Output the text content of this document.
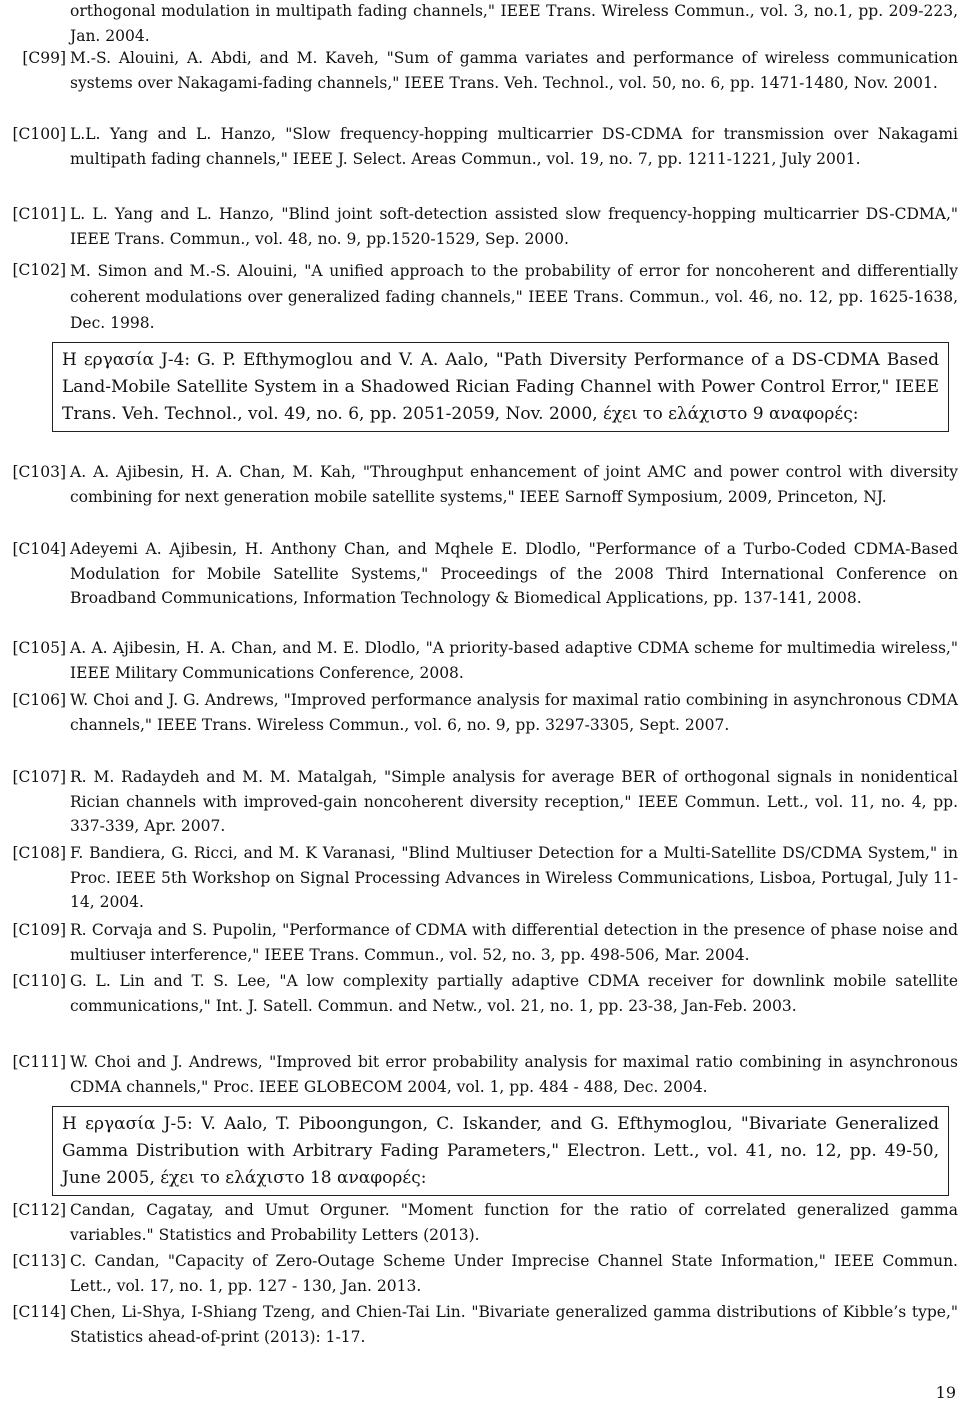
orthogonal modulation in multipath fading channels," IEEE Trans. Wireless Commun., vol. 3, no.1, pp. 209-223, Jan. 2004.
[C99] M.-S. Alouini, A. Abdi, and M. Kaveh, "Sum of gamma variates and performance of wireless communication systems over Nakagami-fading channels," IEEE Trans. Veh. Technol., vol. 50, no. 6, pp. 1471-1480, Nov. 2001.
[C100] L.L. Yang and L. Hanzo, "Slow frequency-hopping multicarrier DS-CDMA for transmission over Nakagami multipath fading channels," IEEE J. Select. Areas Commun., vol. 19, no. 7, pp. 1211-1221, July 2001.
[C101] L. L. Yang and L. Hanzo, "Blind joint soft-detection assisted slow frequency-hopping multicarrier DS-CDMA," IEEE Trans. Commun., vol. 48, no. 9, pp.1520-1529, Sep. 2000.
[C102] M. Simon and M.-S. Alouini, "A unified approach to the probability of error for noncoherent and differentially coherent modulations over generalized fading channels," IEEE Trans. Commun., vol. 46, no. 12, pp. 1625-1638, Dec. 1998.
Η εργασία J-4: G. P. Efthymoglou and V. A. Aalo, "Path Diversity Performance of a DS-CDMA Based Land-Mobile Satellite System in a Shadowed Rician Fading Channel with Power Control Error," IEEE Trans. Veh. Technol., vol. 49, no. 6, pp. 2051-2059, Nov. 2000, έχει το ελάχιστο 9 αναφορές:
[C103] A. A. Ajibesin, H. A. Chan, M. Kah, "Throughput enhancement of joint AMC and power control with diversity combining for next generation mobile satellite systems," IEEE Sarnoff Symposium, 2009, Princeton, NJ.
[C104] Adeyemi A. Ajibesin, H. Anthony Chan, and Mqhele E. Dlodlo, "Performance of a Turbo-Coded CDMA-Based Modulation for Mobile Satellite Systems," Proceedings of the 2008 Third International Conference on Broadband Communications, Information Technology & Biomedical Applications, pp. 137-141, 2008.
[C105] A. A. Ajibesin, H. A. Chan, and M. E. Dlodlo, "A priority-based adaptive CDMA scheme for multimedia wireless," IEEE Military Communications Conference, 2008.
[C106] W. Choi and J. G. Andrews, "Improved performance analysis for maximal ratio combining in asynchronous CDMA channels," IEEE Trans. Wireless Commun., vol. 6, no. 9, pp. 3297-3305, Sept. 2007.
[C107] R. M. Radaydeh and M. M. Matalgah, "Simple analysis for average BER of orthogonal signals in nonidentical Rician channels with improved-gain noncoherent diversity reception," IEEE Commun. Lett., vol. 11, no. 4, pp. 337-339, Apr. 2007.
[C108] F. Bandiera, G. Ricci, and M. K Varanasi, "Blind Multiuser Detection for a Multi-Satellite DS/CDMA System," in Proc. IEEE 5th Workshop on Signal Processing Advances in Wireless Communications, Lisboa, Portugal, July 11-14, 2004.
[C109] R. Corvaja and S. Pupolin, "Performance of CDMA with differential detection in the presence of phase noise and multiuser interference," IEEE Trans. Commun., vol. 52, no. 3, pp. 498-506, Mar. 2004.
[C110] G. L. Lin and T. S. Lee, "A low complexity partially adaptive CDMA receiver for downlink mobile satellite communications," Int. J. Satell. Commun. and Netw., vol. 21, no. 1, pp. 23-38, Jan-Feb. 2003.
[C111] W. Choi and J. Andrews, "Improved bit error probability analysis for maximal ratio combining in asynchronous CDMA channels," Proc. IEEE GLOBECOM 2004, vol. 1, pp. 484 - 488, Dec. 2004.
Η εργασία J-5: V. Aalo, T. Piboongungon, C. Iskander, and G. Efthymoglou, "Bivariate Generalized Gamma Distribution with Arbitrary Fading Parameters," Electron. Lett., vol. 41, no. 12, pp. 49-50, June 2005, έχει το ελάχιστο 18 αναφορές:
[C112] Candan, Cagatay, and Umut Orguner. "Moment function for the ratio of correlated generalized gamma variables." Statistics and Probability Letters (2013).
[C113] C. Candan, "Capacity of Zero-Outage Scheme Under Imprecise Channel State Information," IEEE Commun. Lett., vol. 17, no. 1, pp. 127 - 130, Jan. 2013.
[C114] Chen, Li-Shya, I-Shiang Tzeng, and Chien-Tai Lin. "Bivariate generalized gamma distributions of Kibble’s type," Statistics ahead-of-print (2013): 1-17.
19
